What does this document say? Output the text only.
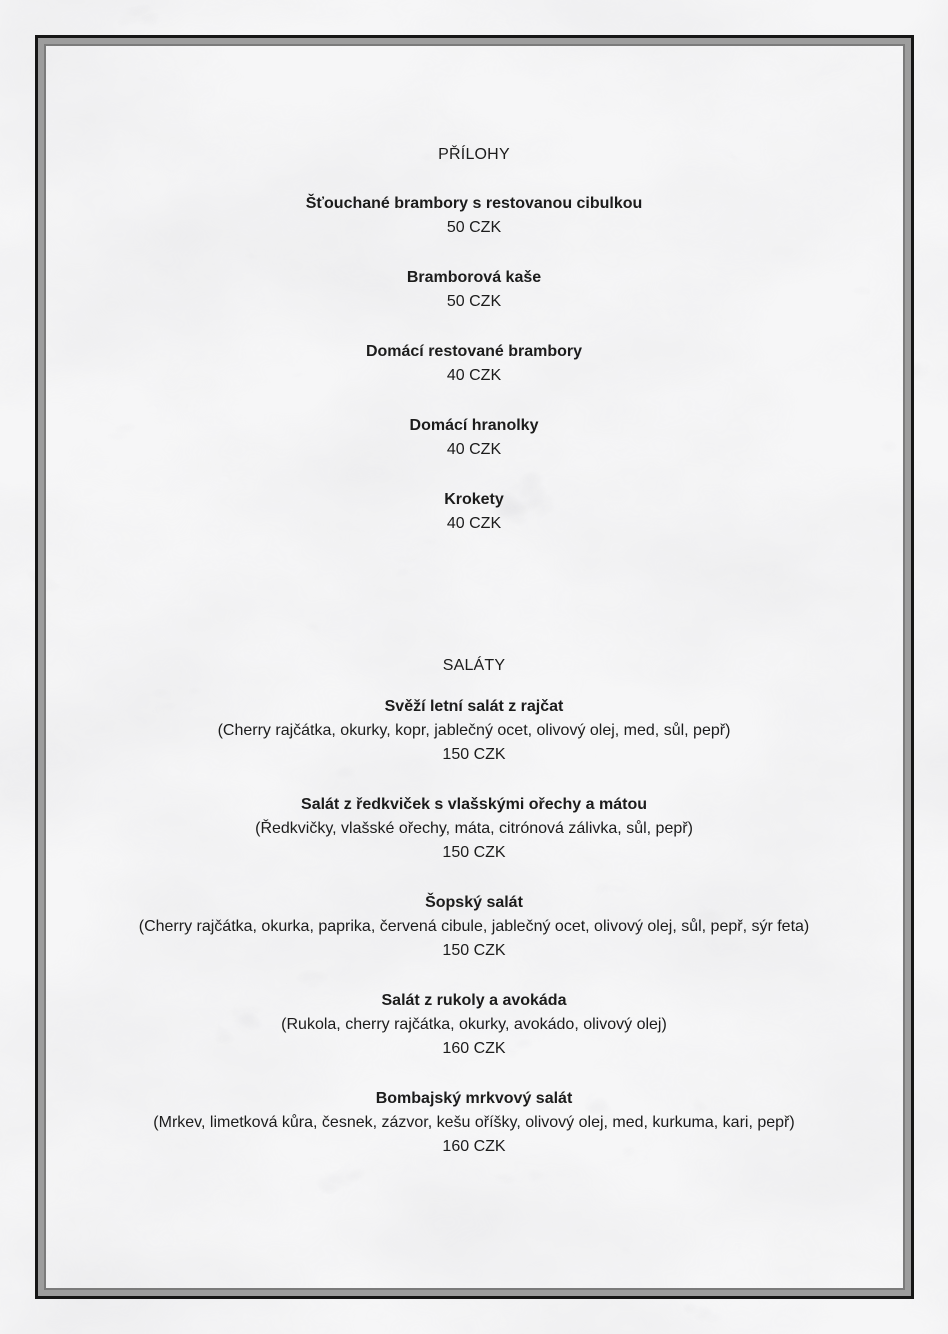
PŘÍLOHY

Šťouchané brambory s restovanou cibulkou

50 CZK

Bramborová kaše

50 CZK

Domácí restované brambory

40 CZK

Domácí hranolky

40 CZK

Krokety

40 CZK

SALÁTY

Svěží letní salát z rajčat

(Cherry rajčátka, okurky, kopr, jablečný ocet, olivový olej, med, sůl, pepř)

150 CZK

Salát z ředkviček s vlašskými ořechy a mátou

(Ředkvičky, vlašské ořechy, máta, citrónová zálivka, sůl, pepř)

150 CZK

Šopský salát

(Cherry rajčátka, okurka, paprika, červená cibule, jablečný ocet, olivový olej, sůl, pepř, sýr feta)

150 CZK

Salát z rukoly a avokáda

(Rukola, cherry rajčátka, okurky, avokádo, olivový olej)

160 CZK

Bombajský mrkvový salát

(Mrkev, limetková kůra, česnek, zázvor, kešu oříšky, olivový olej, med, kurkuma, kari, pepř)

160 CZK
